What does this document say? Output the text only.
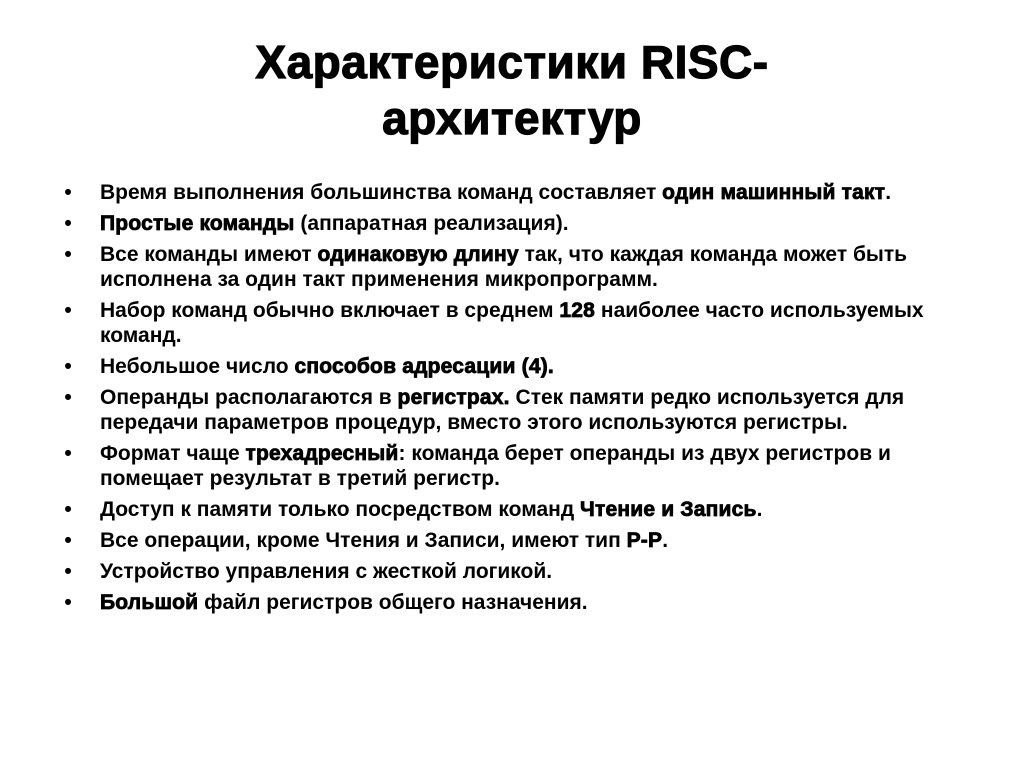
Характеристики RISC-
архитектур
•	Время выполнения большинства команд составляет один машинный такт.
•	Простые команды (аппаратная реализация).
•	Все команды имеют одинаковую длину так, что каждая команда может быть исполнена за один такт применения микропрограмм.
•	Набор команд обычно включает в среднем 128 наиболее часто используемых команд.
•	Небольшое число способов адресации (4).
•	Операнды располагаются в регистрах. Стек памяти редко используется для передачи параметров процедур, вместо этого используются регистры.
•	Формат чаще трехадресный: команда берет операнды из двух регистров и помещает результат в третий регистр.
•	Доступ к памяти только посредством команд Чтение и Запись.
•	Все операции, кроме Чтения и Записи, имеют тип Р-Р.
•	Устройство управления с жесткой логикой.
•	Большой файл регистров общего назначения.
